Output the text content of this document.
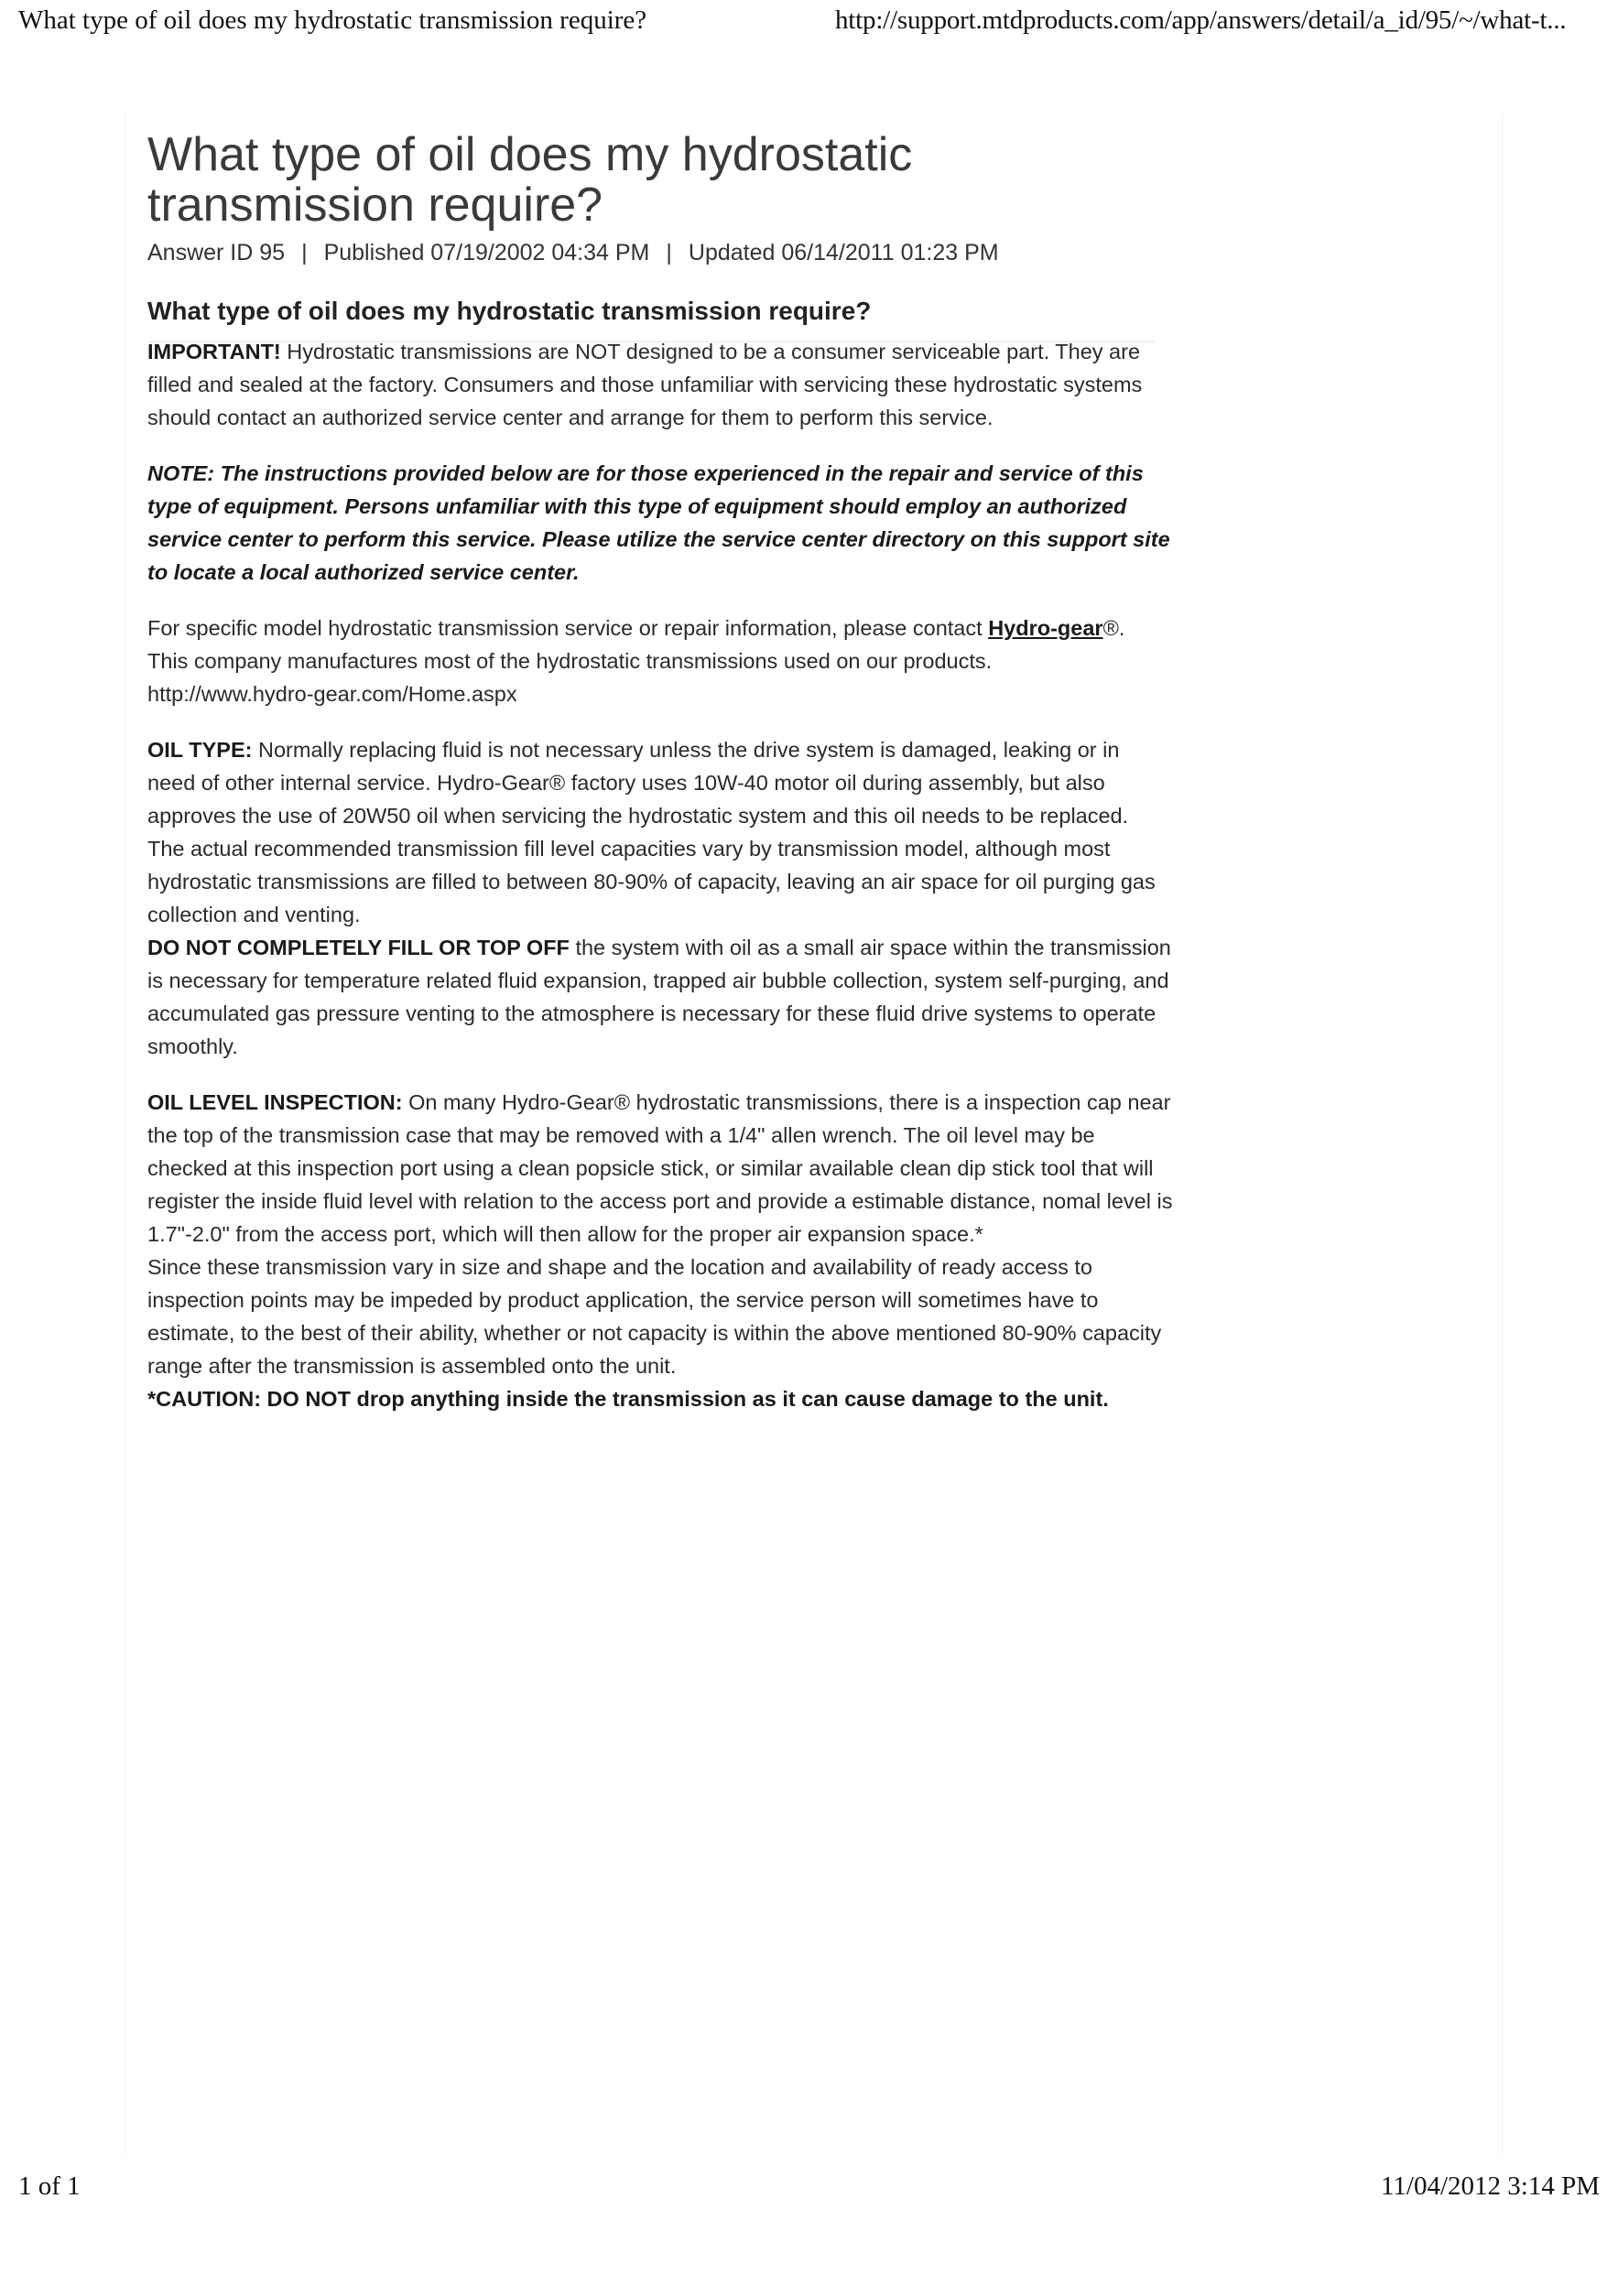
What type of oil does my hydrostatic transmission require?	http://support.mtdproducts.com/app/answers/detail/a_id/95/~/what-t...
What type of oil does my hydrostatic transmission require?
Answer ID 95 | Published 07/19/2002 04:34 PM | Updated 06/14/2011 01:23 PM
What type of oil does my hydrostatic transmission require?

IMPORTANT! Hydrostatic transmissions are NOT designed to be a consumer serviceable part. They are filled and sealed at the factory. Consumers and those unfamiliar with servicing these hydrostatic systems should contact an authorized service center and arrange for them to perform this service.

NOTE: The instructions provided below are for those experienced in the repair and service of this type of equipment. Persons unfamiliar with this type of equipment should employ an authorized service center to perform this service. Please utilize the service center directory on this support site to locate a local authorized service center.

For specific model hydrostatic transmission service or repair information, please contact Hydro-gear®.

This company manufactures most of the hydrostatic transmissions used on our products.

http://www.hydro-gear.com/Home.aspx

OIL TYPE: Normally replacing fluid is not necessary unless the drive system is damaged, leaking or in need of other internal service. Hydro-Gear® factory uses 10W-40 motor oil during assembly, but also approves the use of 20W50 oil when servicing the hydrostatic system and this oil needs to be replaced.

The actual recommended transmission fill level capacities vary by transmission model, although most hydrostatic transmissions are filled to between 80-90% of capacity, leaving an air space for oil purging gas collection and venting.

DO NOT COMPLETELY FILL OR TOP OFF the system with oil as a small air space within the transmission is necessary for temperature related fluid expansion, trapped air bubble collection, system self-purging, and accumulated gas pressure venting to the atmosphere is necessary for these fluid drive systems to operate smoothly.

OIL LEVEL INSPECTION: On many Hydro-Gear® hydrostatic transmissions, there is a inspection cap near the top of the transmission case that may be removed with a 1/4" allen wrench. The oil level may be checked at this inspection port using a clean popsicle stick, or similar available clean dip stick tool that will register the inside fluid level with relation to the access port and provide a estimable distance, nomal level is 1.7"-2.0" from the access port, which will then allow for the proper air expansion space.*

Since these transmission vary in size and shape and the location and availability of ready access to inspection points may be impeded by product application, the service person will sometimes have to estimate, to the best of their ability, whether or not capacity is within the above mentioned 80-90% capacity range after the transmission is assembled onto the unit.

*CAUTION: DO NOT drop anything inside the transmission as it can cause damage to the unit.

1 of 1	11/04/2012 3:14 PM
